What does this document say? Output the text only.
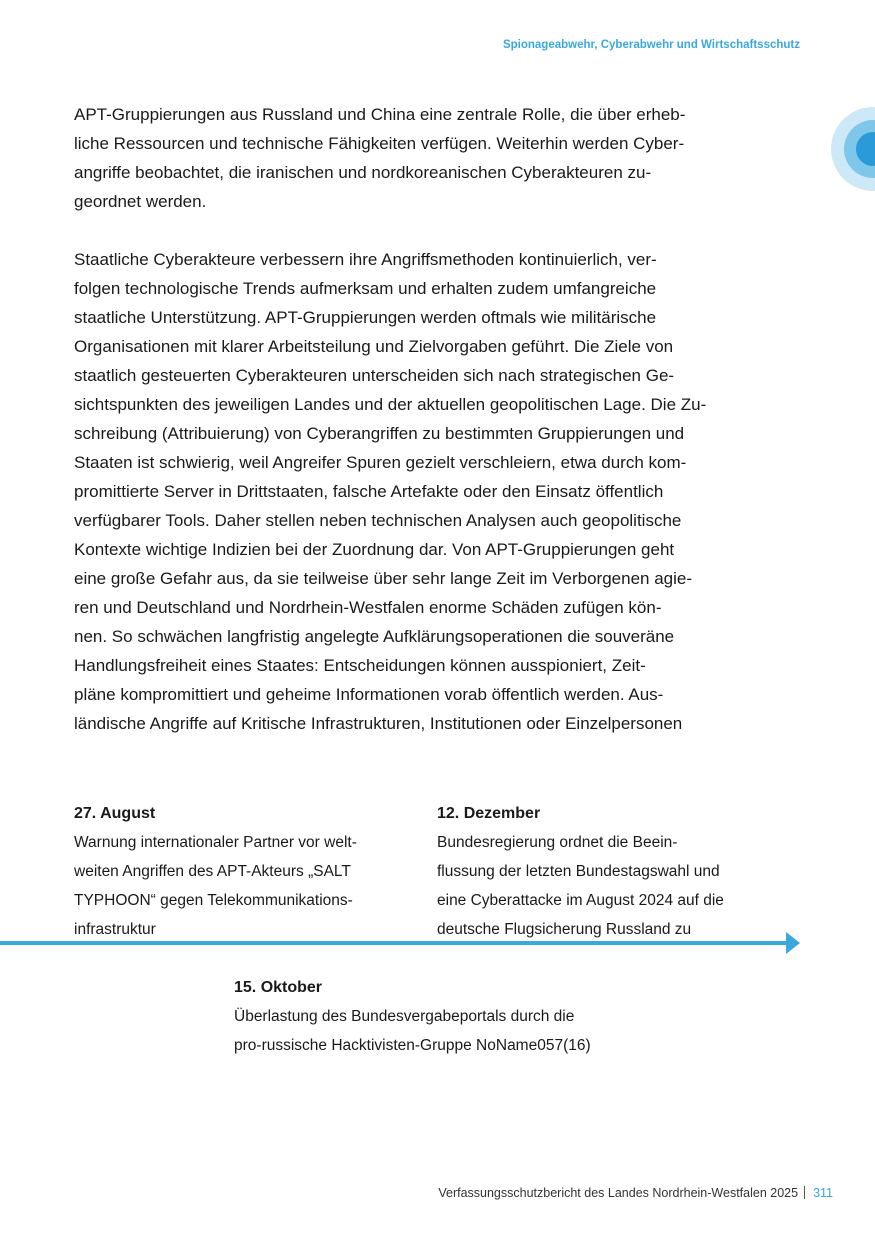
Spionageabwehr, Cyberabwehr und Wirtschaftsschutz
APT-Gruppierungen aus Russland und China eine zentrale Rolle, die über erheb-
liche Ressourcen und technische Fähigkeiten verfügen. Weiterhin werden Cyber-
angriffe beobachtet, die iranischen und nordkoreanischen Cyberakteuren zu-
geordnet werden.
Staatliche Cyberakteure verbessern ihre Angriffsmethoden kontinuierlich, ver-
folgen technologische Trends aufmerksam und erhalten zudem umfangreiche
staatliche Unterstützung. APT-Gruppierungen werden oftmals wie militärische
Organisationen mit klarer Arbeitsteilung und Zielvorgaben geführt. Die Ziele von
staatlich gesteuerten Cyberakteuren unterscheiden sich nach strategischen Ge-
sichtspunkten des jeweiligen Landes und der aktuellen geopolitischen Lage. Die Zu-
schreibung (Attribuierung) von Cyberangriffen zu bestimmten Gruppierungen und
Staaten ist schwierig, weil Angreifer Spuren gezielt verschleiern, etwa durch kom-
promittierte Server in Drittstaaten, falsche Artefakte oder den Einsatz öffentlich
verfügbarer Tools. Daher stellen neben technischen Analysen auch geopolitische
Kontexte wichtige Indizien bei der Zuordnung dar. Von APT-Gruppierungen geht
eine große Gefahr aus, da sie teilweise über sehr lange Zeit im Verborgenen agie-
ren und Deutschland und Nordrhein-Westfalen enorme Schäden zufügen kön-
nen. So schwächen langfristig angelegte Aufklärungsoperationen die souveräne
Handlungsfreiheit eines Staates: Entscheidungen können ausspioniert, Zeit-
pläne kompromittiert und geheime Informationen vorab öffentlich werden. Aus-
ländische Angriffe auf Kritische Infrastrukturen, Institutionen oder Einzelpersonen
27. August
Warnung internationaler Partner vor welt-
weiten Angriffen des APT-Akteurs „SALT
TYPHOON“ gegen Telekommunikations-
infrastruktur
12. Dezember
Bundesregierung ordnet die Beein-
flussung der letzten Bundestagswahl und
eine Cyberattacke im August 2024 auf die
deutsche Flugsicherung Russland zu
15. Oktober
Überlastung des Bundesvergabeportals durch die
pro-russische Hacktivisten-Gruppe NoName057(16)
Verfassungsschutzbericht des Landes Nordrhein-Westfalen 2025 311
